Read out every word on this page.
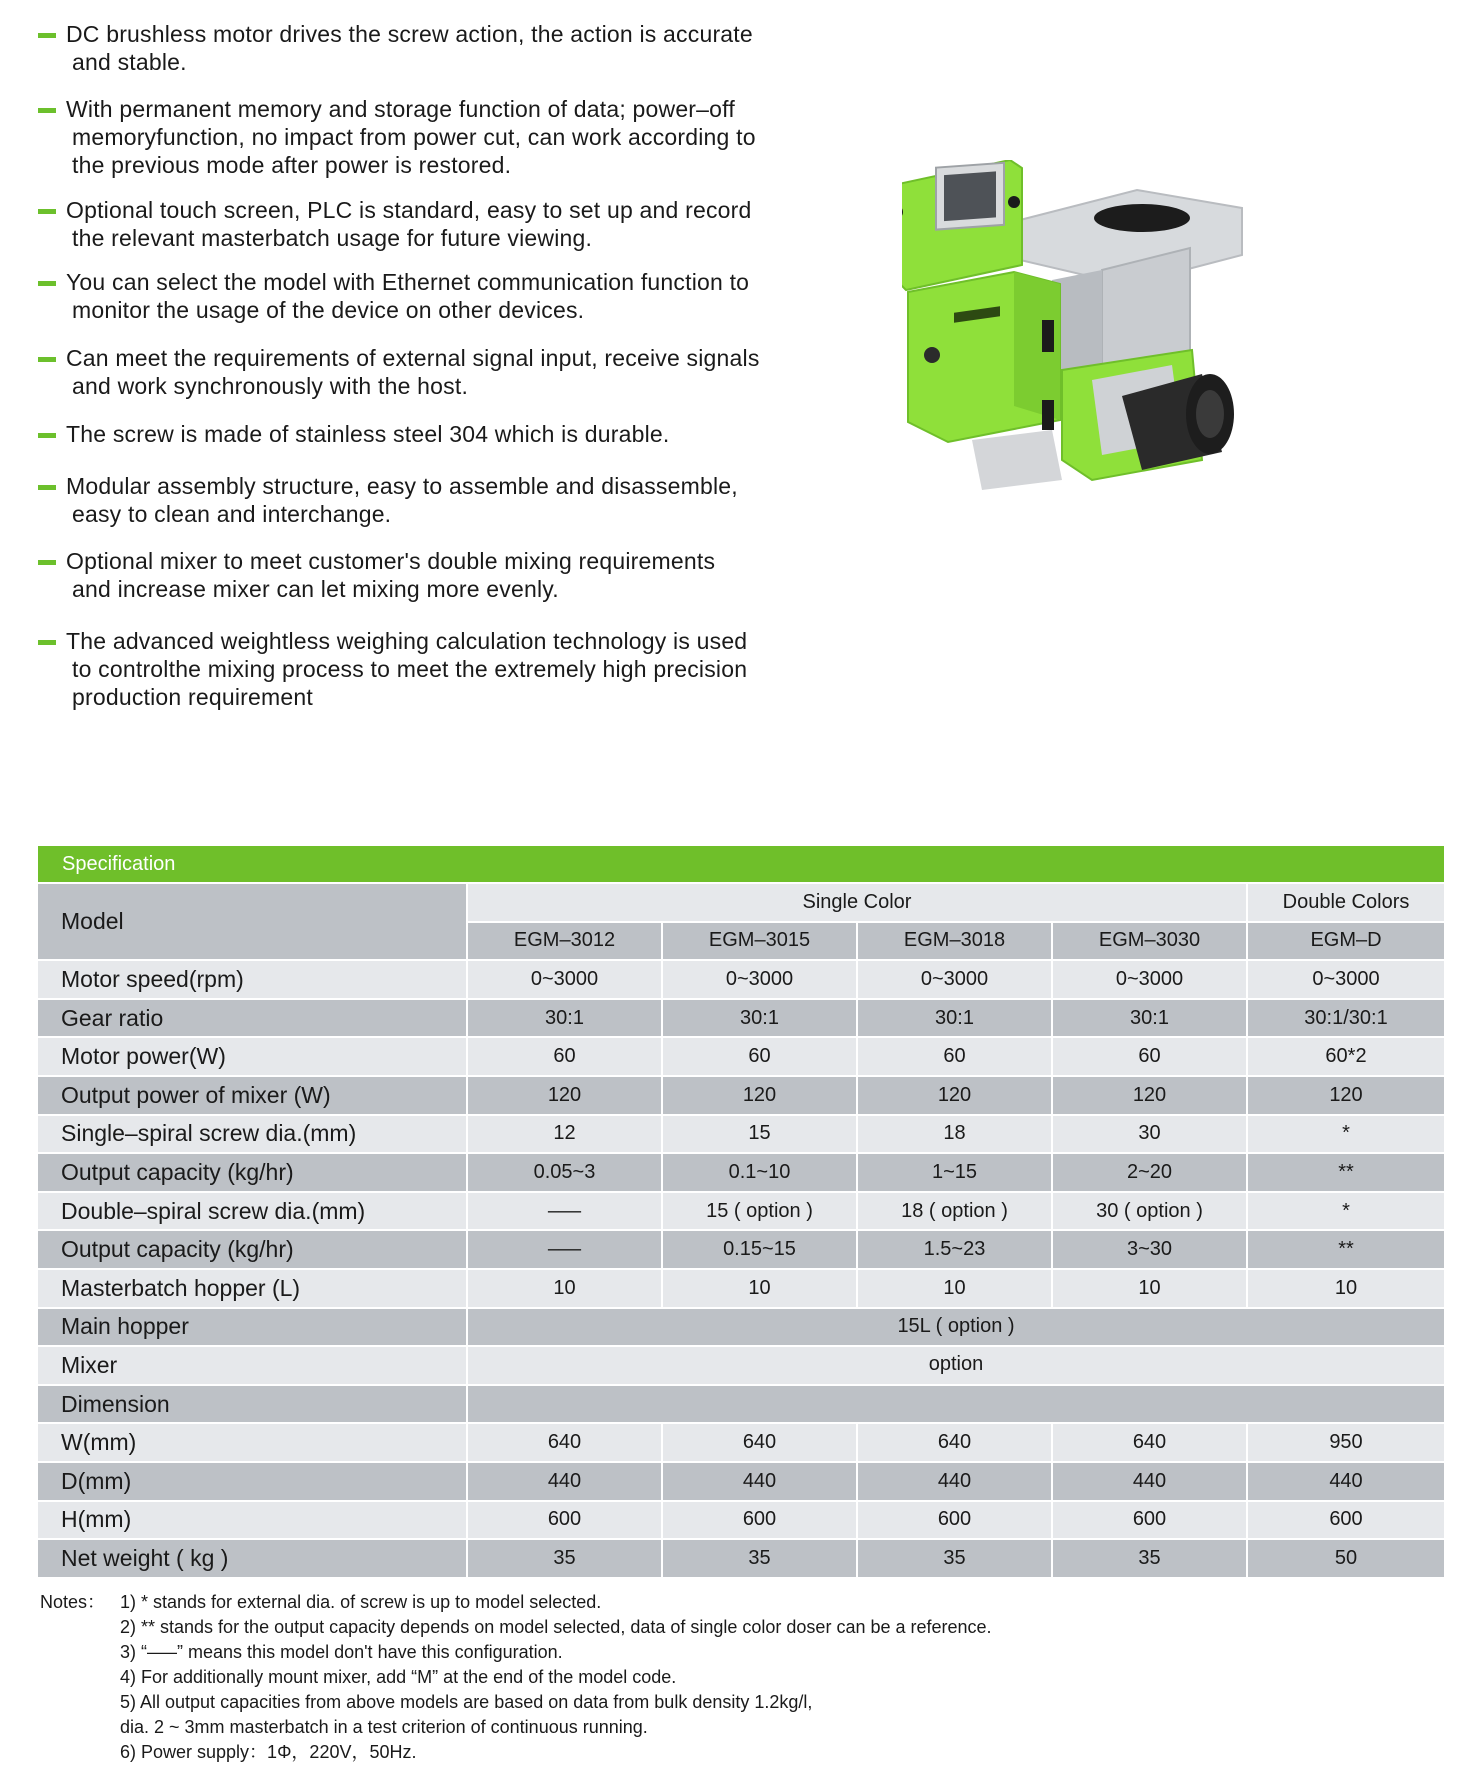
DC brushless motor drives the screw action, the action is accurate
and stable.
With permanent memory and storage function of data; power–off
memoryfunction, no impact from power cut, can work according to
the previous mode after power is restored.
Optional touch screen, PLC is standard, easy to set up and record
the relevant masterbatch usage for future viewing.
You can select the model with Ethernet communication function to
monitor the usage of the device on other devices.
Can meet the requirements of external signal input, receive signals
and work synchronously with the host.
The screw is made of stainless steel 304 which is durable.
Modular assembly structure, easy to assemble and disassemble,
easy to clean and interchange.
Optional mixer to meet customer's double mixing requirements
and increase mixer can let mixing more evenly.
The advanced weightless weighing calculation technology is used
to controlthe mixing process to meet the extremely high precision
production requirement
Specification
Model
Single Color	Double Colors
EGM–3012	EGM–3015	EGM–3018	EGM–3030	EGM–D
Motor speed(rpm)	0~3000	0~3000	0~3000	0~3000	0~3000
Gear ratio	30:1	30:1	30:1	30:1	30:1/30:1
Motor power(W)	60	60	60	60	60*2
Output power of mixer (W)	120	120	120	120	120
Single–spiral screw dia.(mm)	12	15	18	30	*
Output capacity (kg/hr)	0.05~3	0.1~10	1~15	2~20	**
Double–spiral screw dia.(mm)	–––	15 ( option )	18 ( option )	30 ( option )	*
Output capacity (kg/hr)	–––	0.15~15	1.5~23	3~30	**
Masterbatch hopper (L)	10	10	10	10	10
Main hopper	15L ( option )
Mixer	option
Dimension
W(mm)	640	640	640	640	950
D(mm)	440	440	440	440	440
H(mm)	600	600	600	600	600
Net weight ( kg )	35	35	35	35	50
Notes： 1) * stands for external dia. of screw is up to model selected.
2) ** stands for the output capacity depends on model selected, data of single color doser can be a reference.
3) “–––” means this model don't have this configuration.
4) For additionally mount mixer, add “M” at the end of the model code.
5) All output capacities from above models are based on data from bulk density 1.2kg/l,
dia. 2 ~ 3mm masterbatch in a test criterion of continuous running.
6) Power supply：1Φ，220V，50Hz.
